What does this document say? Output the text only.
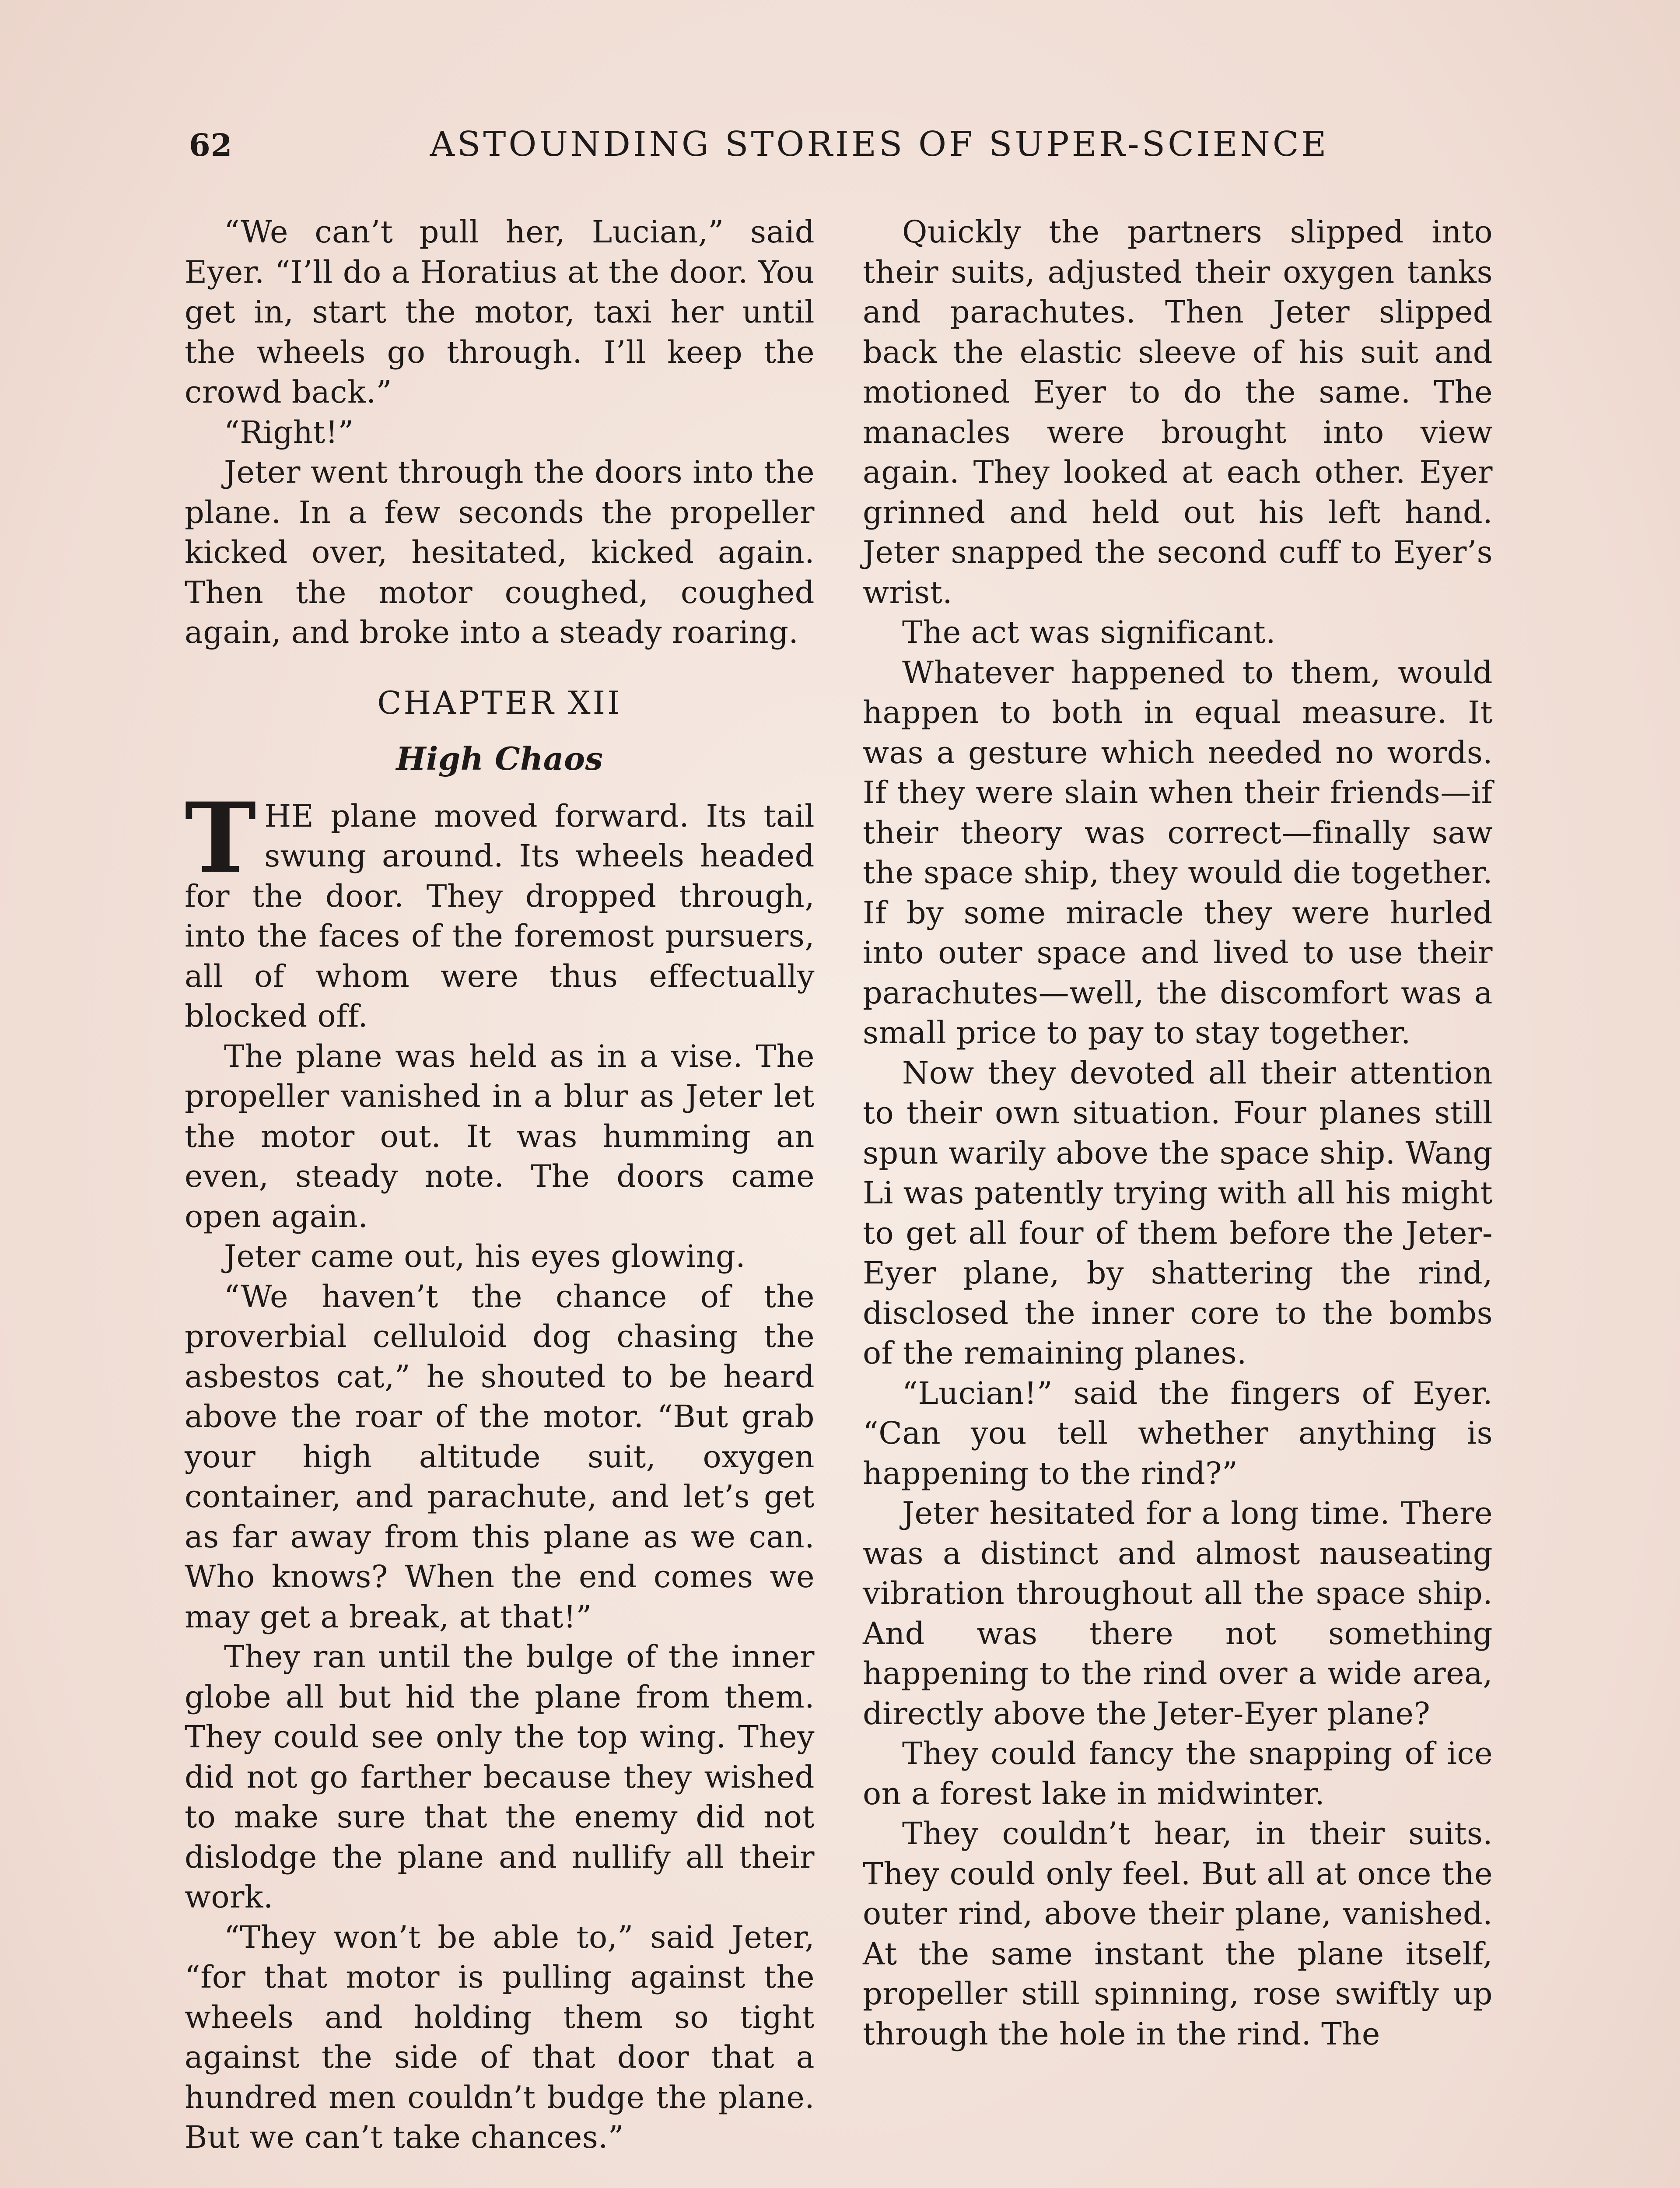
62	ASTOUNDING STORIES OF SUPER-SCIENCE

“We can’t pull her, Lucian,” said Eyer. “I’ll do a Horatius at the door. You get in, start the motor, taxi her until the wheels go through. I’ll keep the crowd back.”

“Right!”

Jeter went through the doors into the plane. In a few seconds the propeller kicked over, hesitated, kicked again. Then the motor coughed, coughed again, and broke into a steady roaring.

CHAPTER XII
High Chaos

THE plane moved forward. Its tail swung around. Its wheels headed for the door. They dropped through, into the faces of the foremost pursuers, all of whom were thus effectually blocked off.

The plane was held as in a vise. The propeller vanished in a blur as Jeter let the motor out. It was humming an even, steady note. The doors came open again.

Jeter came out, his eyes glowing.

“We haven’t the chance of the proverbial celluloid dog chasing the asbestos cat,” he shouted to be heard above the roar of the motor. “But grab your high altitude suit, oxygen container, and parachute, and let’s get as far away from this plane as we can. Who knows? When the end comes we may get a break, at that!”

They ran until the bulge of the inner globe all but hid the plane from them. They could see only the top wing. They did not go farther because they wished to make sure that the enemy did not dislodge the plane and nullify all their work.

“They won’t be able to,” said Jeter, “for that motor is pulling against the wheels and holding them so tight against the side of that door that a hundred men couldn’t budge the plane. But we can’t take chances.”

Quickly the partners slipped into their suits, adjusted their oxygen tanks and parachutes. Then Jeter slipped back the elastic sleeve of his suit and motioned Eyer to do the same. The manacles were brought into view again. They looked at each other. Eyer grinned and held out his left hand. Jeter snapped the second cuff to Eyer’s wrist.

The act was significant.

Whatever happened to them, would happen to both in equal measure. It was a gesture which needed no words. If they were slain when their friends—if their theory was correct—finally saw the space ship, they would die together. If by some miracle they were hurled into outer space and lived to use their parachutes—well, the discomfort was a small price to pay to stay together.

Now they devoted all their attention to their own situation. Four planes still spun warily above the space ship. Wang Li was patently trying with all his might to get all four of them before the Jeter-Eyer plane, by shattering the rind, disclosed the inner core to the bombs of the remaining planes.

“Lucian!” said the fingers of Eyer. “Can you tell whether anything is happening to the rind?”

Jeter hesitated for a long time. There was a distinct and almost nauseating vibration throughout all the space ship. And was there not something happening to the rind over a wide area, directly above the Jeter-Eyer plane?

They could fancy the snapping of ice on a forest lake in midwinter.

They couldn’t hear, in their suits. They could only feel. But all at once the outer rind, above their plane, vanished. At the same instant the plane itself, propeller still spinning, rose swiftly up through the hole in the rind. The
